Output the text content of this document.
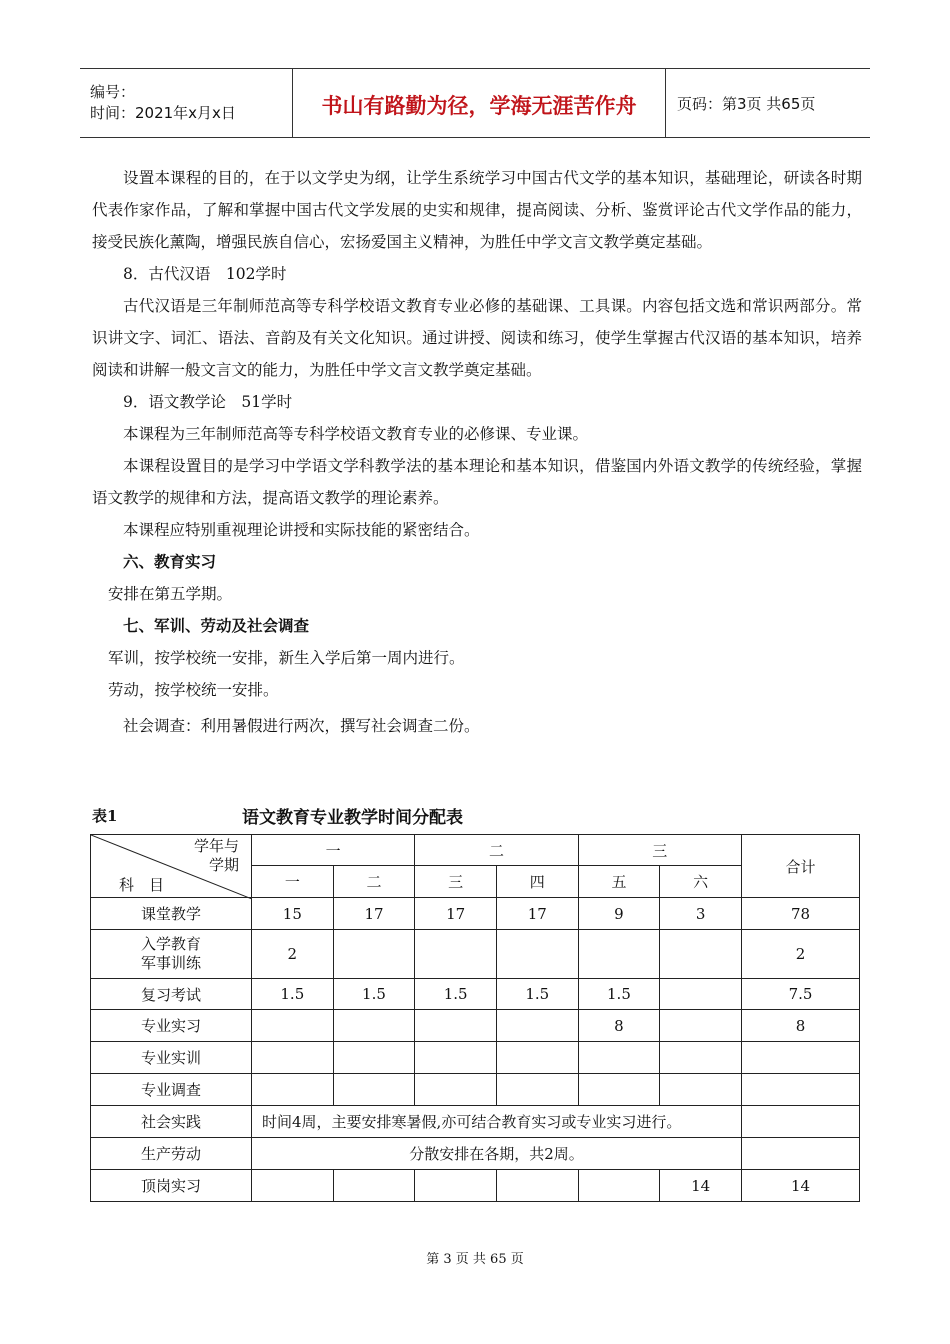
编号：
时间：2021年x月x日	书山有路勤为径，学海无涯苦作舟	页码：第3页 共65页

设置本课程的目的，在于以文学史为纲，让学生系统学习中国古代文学的基本知识，基础理论，研读各时期代表作家作品，了解和掌握中国古代文学发展的史实和规律，提高阅读、分析、鉴赏评论古代文学作品的能力，接受民族化薰陶，增强民族自信心，宏扬爱国主义精神，为胜任中学文言文教学奠定基础。

8．古代汉语　102学时

古代汉语是三年制师范高等专科学校语文教育专业必修的基础课、工具课。内容包括文选和常识两部分。常识讲文字、词汇、语法、音韵及有关文化知识。通过讲授、阅读和练习，使学生掌握古代汉语的基本知识，培养阅读和讲解一般文言文的能力，为胜任中学文言文教学奠定基础。

9．语文教学论　51学时

本课程为三年制师范高等专科学校语文教育专业的必修课、专业课。

本课程设置目的是学习中学语文学科教学法的基本理论和基本知识，借鉴国内外语文教学的传统经验，掌握语文教学的规律和方法，提高语文教学的理论素养。

本课程应特别重视理论讲授和实际技能的紧密结合。

六、教育实习

安排在第五学期。

七、军训、劳动及社会调查

军训，按学校统一安排，新生入学后第一周内进行。

劳动，按学校统一安排。

社会调查：利用暑假进行两次，撰写社会调查二份。

表1	语文教育专业教学时间分配表
学年与
学期
科　目	一		二		三		合计
	一	二	三	四	五	六	
课堂教学	15	17	17	17	9	3	78

入学教育
军事训练	2						2
复习考试	1.5	1.5	1.5	1.5	1.5		7.5
专业实习					8		8
专业实训							
专业调查							
社会实践	时间4周，主要安排寒暑假,亦可结合教育实习或专业实习进行。						
生产劳动	分散安排在各期，共2周。						
顶岗实习						14	14
第 3 页 共 65 页
